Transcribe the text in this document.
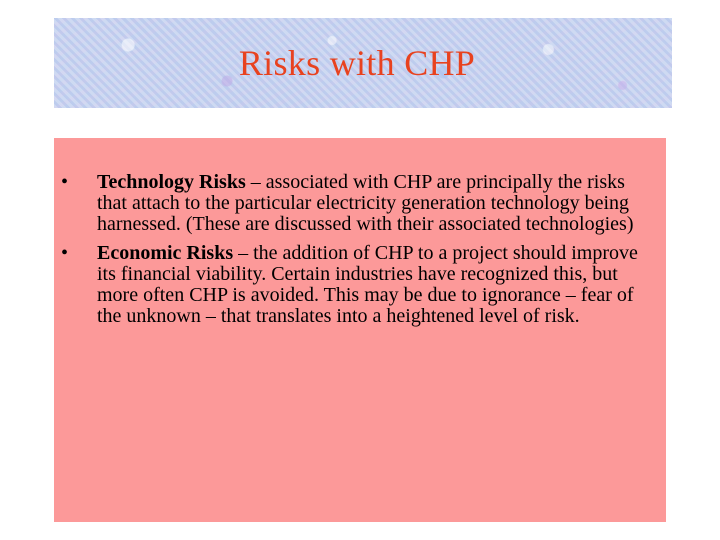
Risks with CHP
• Technology Risks – associated with CHP are principally the risks that attach to the particular electricity generation technology being harnessed. (These are discussed with their associated technologies)
• Economic Risks – the addition of CHP to a project should improve its financial viability. Certain industries have recognized this, but more often CHP is avoided. This may be due to ignorance – fear of the unknown – that translates into a heightened level of risk.
